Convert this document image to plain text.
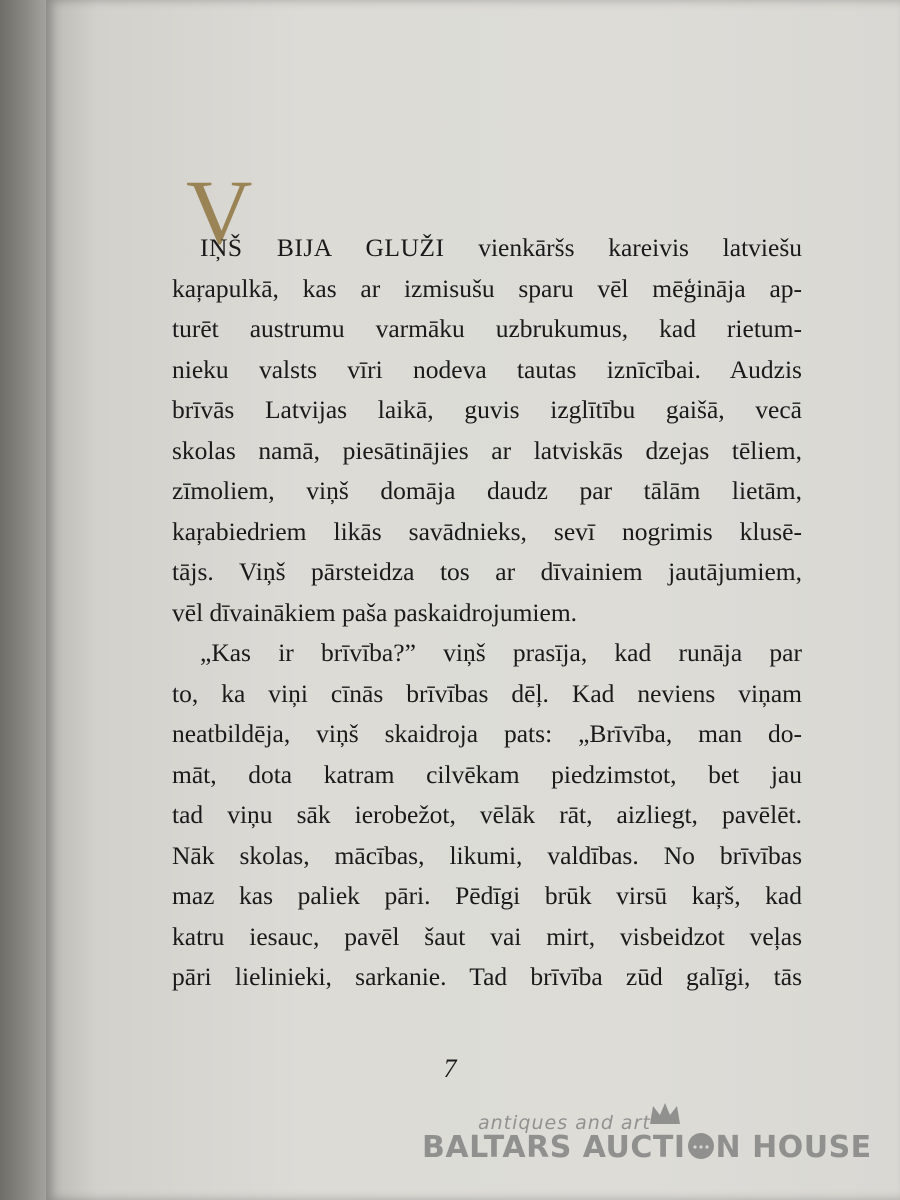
V
IŅŠ BIJA GLUŽI vienkāršs kareivis latviešu
kaŗapulkā, kas ar izmisušu sparu vēl mēģināja ap-
turēt austrumu varmāku uzbrukumus, kad rietum-
nieku valsts vīri nodeva tautas iznīcībai. Audzis
brīvās Latvijas laikā, guvis izglītību gaišā, vecā
skolas namā, piesātinājies ar latviskās dzejas tēliem,
zīmoliem, viņš domāja daudz par tālām lietām,
kaŗabiedriem likās savādnieks, sevī nogrimis klusē-
tājs. Viņš pārsteidza tos ar dīvainiem jautājumiem,
vēl dīvainākiem paša paskaidrojumiem.
„Kas ir brīvība?” viņš prasīja, kad runāja par
to, ka viņi cīnās brīvības dēļ. Kad neviens viņam
neatbildēja, viņš skaidroja pats: „Brīvība, man do-
māt, dota katram cilvēkam piedzimstot, bet jau
tad viņu sāk ierobežot, vēlāk rāt, aizliegt, pavēlēt.
Nāk skolas, mācības, likumi, valdības. No brīvības
maz kas paliek pāri. Pēdīgi brūk virsū kaŗš, kad
katru iesauc, pavēl šaut vai mirt, visbeidzot veļas
pāri lielinieki, sarkanie. Tad brīvība zūd galīgi, tās
7
antiques and art
BALTARS AUCTI N HOUSE
